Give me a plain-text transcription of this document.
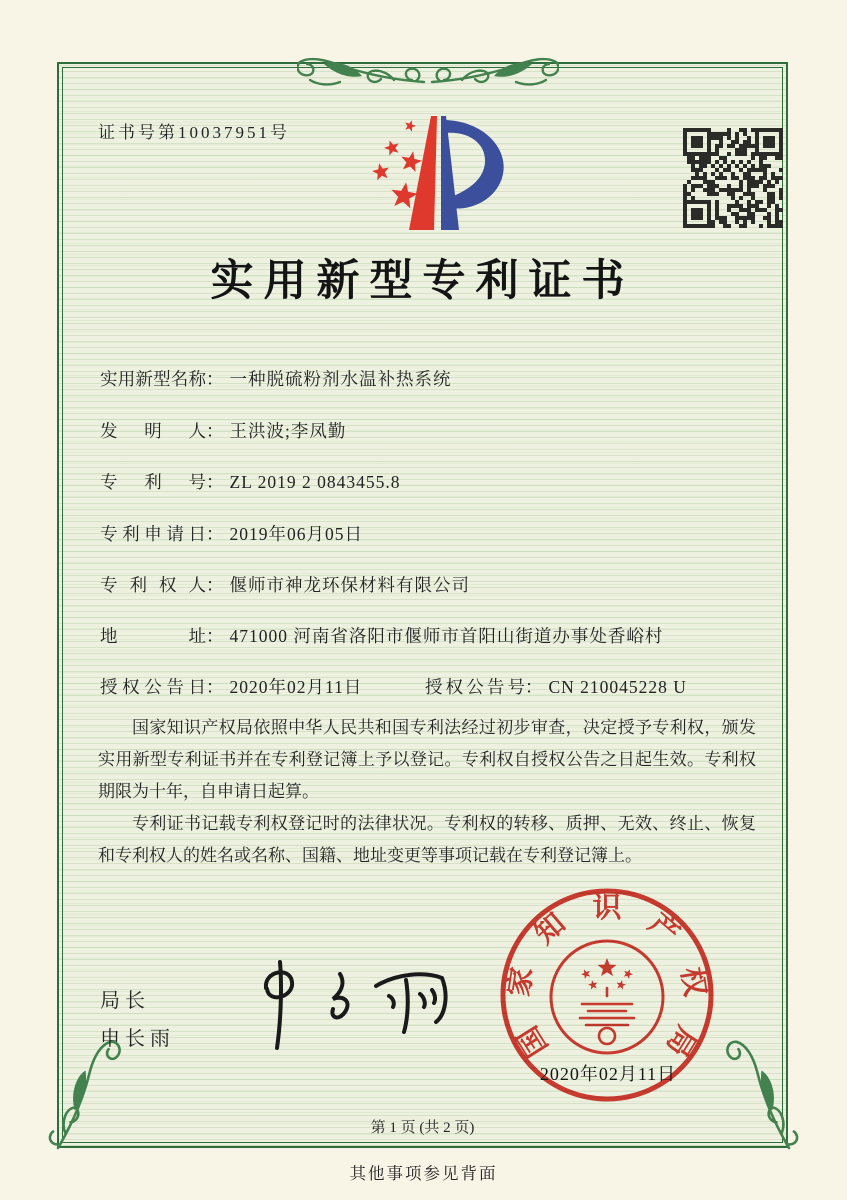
证书号第10037951号
实用新型专利证书
实用新型名称 ： 一种脱硫粉剂水温补热系统
发明人 ： 王洪波;李凤勤
专利号 ： ZL 2019 2 0843455.8
专利申请日 ： 2019年06月05日
专利权人 ： 偃师市神龙环保材料有限公司
地址 ： 471000 河南省洛阳市偃师市首阳山街道办事处香峪村
授权公告日 ： 2020年02月11日	授权公告号 ： CN 210045228 U

国家知识产权局依照中华人民共和国专利法经过初步审查，决定授予专利权，颁发实用新型专利证书并在专利登记簿上予以登记。专利权自授权公告之日起生效。专利权期限为十年，自申请日起算。

专利证书记载专利权登记时的法律状况。专利权的转移、质押、无效、终止、恢复和专利权人的姓名或名称、国籍、地址变更等事项记载在专利登记簿上。

局长
申长雨	国
家
知 识 产
权
局
2020年02月11日
第 1 页 (共 2 页)
其他事项参见背面
